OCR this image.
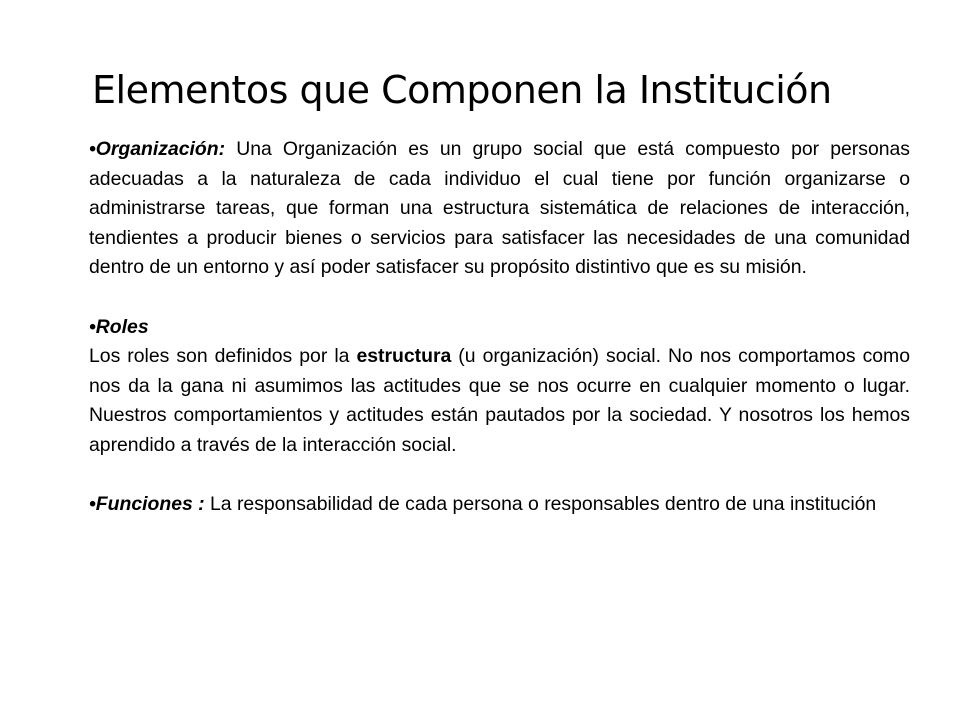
Elementos que Componen la Institución

•Organización: Una Organización es un grupo social que está compuesto por personas adecuadas a la naturaleza de cada individuo el cual tiene por función organizarse o administrarse tareas, que forman una estructura sistemática de relaciones de interacción, tendientes a producir bienes o servicios para satisfacer las necesidades de una comunidad dentro de un entorno y así poder satisfacer su propósito distintivo que es su misión.

•Roles
Los roles son definidos por la estructura (u organización) social. No nos comportamos como nos da la gana ni asumimos las actitudes que se nos ocurre en cualquier momento o lugar. Nuestros comportamientos y actitudes están pautados por la sociedad. Y nosotros los hemos aprendido a través de la interacción social.

•Funciones : La responsabilidad de cada persona o responsables dentro de una institución
